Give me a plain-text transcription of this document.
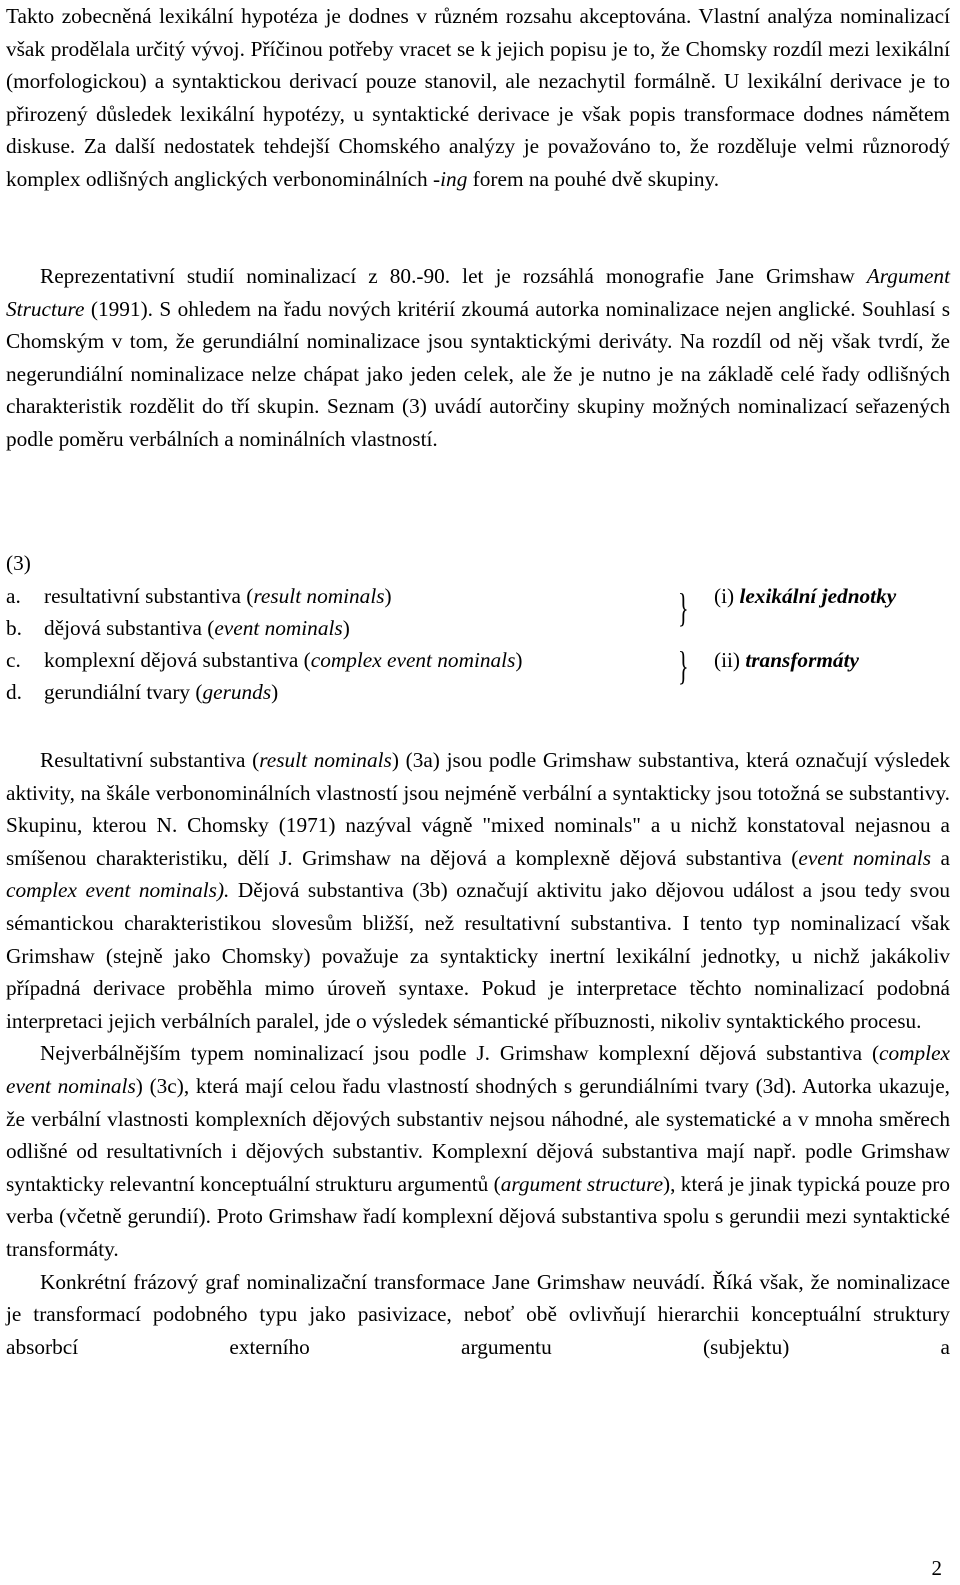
Takto zobecněná lexikální hypotéza je dodnes v různém rozsahu akceptována. Vlastní analýza nominalizací však prodělala určitý vývoj. Příčinou potřeby vracet se k jejich popisu je to, že Chomsky rozdíl mezi lexikální (morfologickou) a syntaktickou derivací pouze stanovil, ale nezachytil formálně. U lexikální derivace je to přirozený důsledek lexikální hypotézy, u syntaktické derivace je však popis transformace dodnes námětem diskuse. Za další nedostatek tehdejší Chomského analýzy je považováno to, že rozděluje velmi různorodý komplex odlišných anglických verbonominálních -ing forem na pouhé dvě skupiny.

Reprezentativní studií nominalizací z 80.-90. let je rozsáhlá monografie Jane Grimshaw Argument Structure (1991). S ohledem na řadu nových kritérií zkoumá autorka nominalizace nejen anglické. Souhlasí s Chomským v tom, že gerundiální nominalizace jsou syntaktickými deriváty. Na rozdíl od něj však tvrdí, že negerundiální nominalizace nelze chápat jako jeden celek, ale že je nutno je na základě celé řady odlišných charakteristik rozdělit do tří skupin. Seznam (3) uvádí autorčiny skupiny možných nominalizací seřazených podle poměru verbálních a nominálních vlastností.

(3)
a. resultativní substantiva (result nominals)
b. dějová substantiva (event nominals)
c. komplexní dějová substantiva (complex event nominals)
d. gerundiální tvary (gerunds)
}
}
(i) lexikální jednotky
(ii) transformáty

Resultativní substantiva (result nominals) (3a) jsou podle Grimshaw substantiva, která označují výsledek aktivity, na škále verbonominálních vlastností jsou nejméně verbální a syntakticky jsou totožná se substantivy. Skupinu, kterou N. Chomsky (1971) nazýval vágně "mixed nominals" a u nichž konstatoval nejasnou a smíšenou charakteristiku, dělí J. Grimshaw na dějová a komplexně dějová substantiva (event nominals a complex event nominals). Dějová substantiva (3b) označují aktivitu jako dějovou událost a jsou tedy svou sémantickou charakteristikou slovesům bližší, než resultativní substantiva. I tento typ nominalizací však Grimshaw (stejně jako Chomsky) považuje za syntakticky inertní lexikální jednotky, u nichž jakákoliv případná derivace proběhla mimo úroveň syntaxe. Pokud je interpretace těchto nominalizací podobná interpretaci jejich verbálních paralel, jde o výsledek sémantické příbuznosti, nikoliv syntaktického procesu.

Nejverbálnějším typem nominalizací jsou podle J. Grimshaw komplexní dějová substantiva (complex event nominals) (3c), která mají celou řadu vlastností shodných s gerundiálními tvary (3d). Autorka ukazuje, že verbální vlastnosti komplexních dějových substantiv nejsou náhodné, ale systematické a v mnoha směrech odlišné od resultativních i dějových substantiv. Komplexní dějová substantiva mají např. podle Grimshaw syntakticky relevantní konceptuální strukturu argumentů (argument structure), která je jinak typická pouze pro verba (včetně gerundií). Proto Grimshaw řadí komplexní dějová substantiva spolu s gerundii mezi syntaktické transformáty.

Konkrétní frázový graf nominalizační transformace Jane Grimshaw neuvádí. Říká však, že nominalizace je transformací podobného typu jako pasivizace, neboť obě ovlivňují hierarchii konceptuální struktury absorbcí externího argumentu (subjektu) a

2
